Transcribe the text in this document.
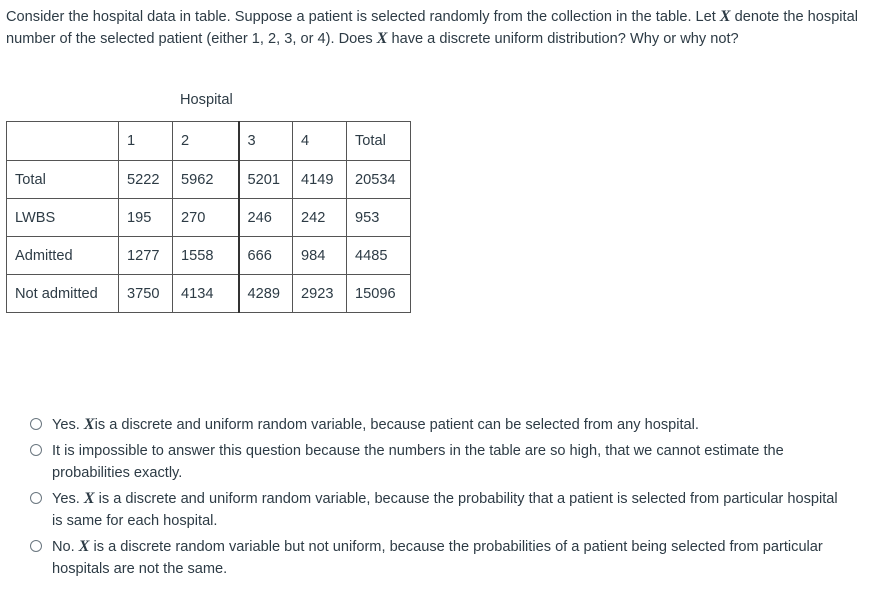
Consider the hospital data in table. Suppose a patient is selected randomly from the collection in the table. Let X denote the hospital number of the selected patient (either 1, 2, 3, or 4). Does X have a discrete uniform distribution? Why or why not?

Hospital

	1	2	3	4	Total
Total	5222	5962	5201	4149	20534
LWBS	195	270	246	242	953
Admitted	1277	1558	666	984	4485
Not admitted	3750	4134	4289	2923	15096
Yes. Xis a discrete and uniform random variable, because patient can be selected from any hospital.
It is impossible to answer this question because the numbers in the table are so high, that we cannot estimate the probabilities exactly.
Yes. X is a discrete and uniform random variable, because the probability that a patient is selected from particular hospital is same for each hospital.
No. X is a discrete random variable but not uniform, because the probabilities of a patient being selected from particular hospitals are not the same.
